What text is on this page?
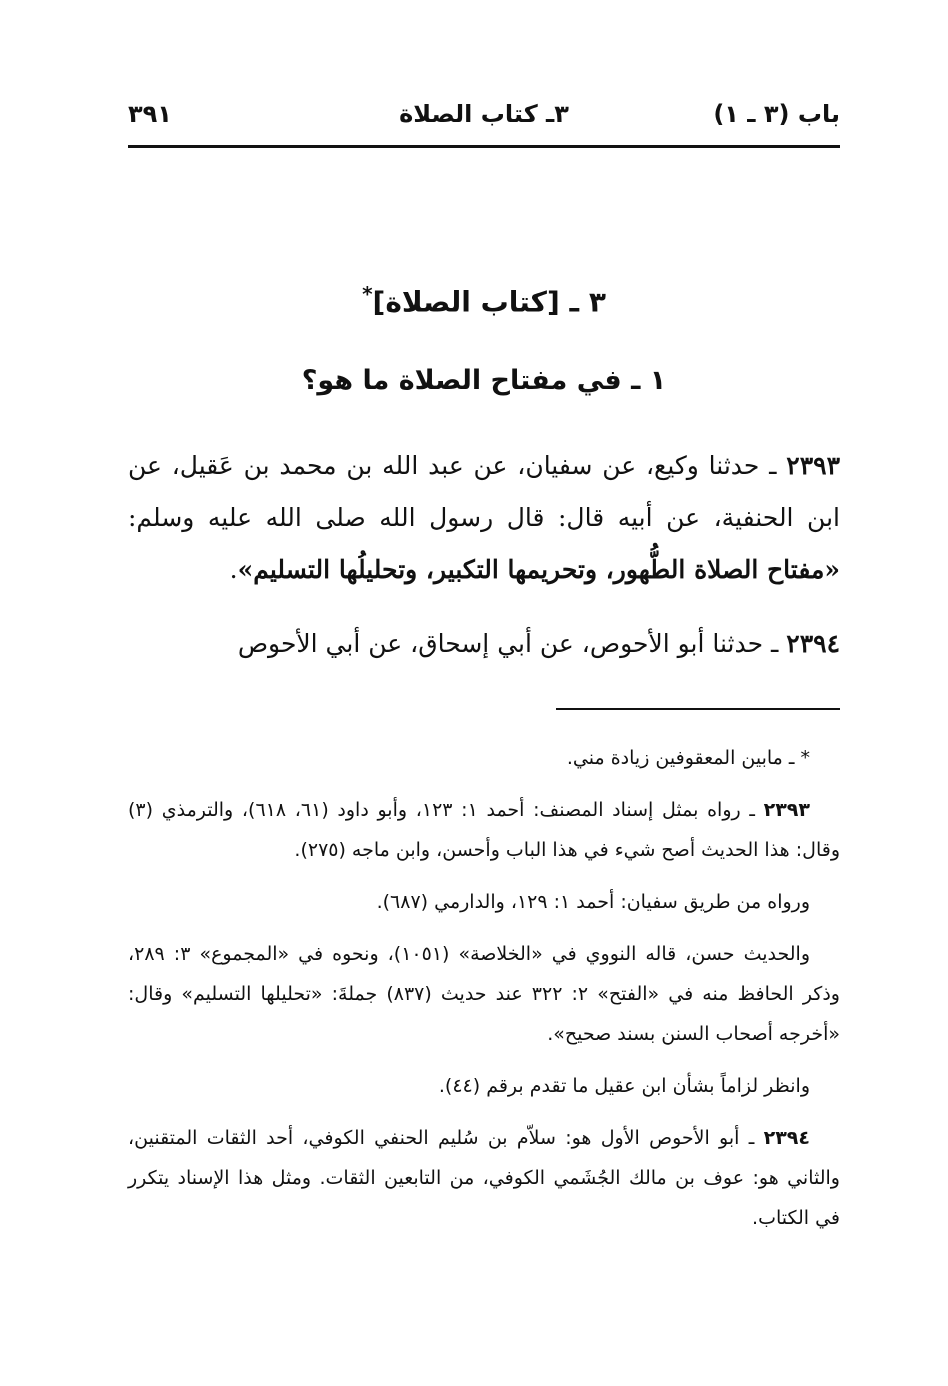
باب (٣ ـ ١)
٣ـ كتاب الصلاة
٣٩١
٣ ـ [كتاب الصلاة]*
١ ـ في مفتاح الصلاة ما هو؟

٢٣٩٣ ـ حدثنا وكيع، عن سفيان، عن عبد الله بن محمد بن عَقيل، عن ابن الحنفية، عن أبيه قال: قال رسول الله صلى الله عليه وسلم: «مفتاح الصلاة الطُّهور، وتحريمها التكبير، وتحليلُها التسليم».

٢٣٩٤ ـ حدثنا أبو الأحوص، عن أبي إسحاق، عن أبي الأحوص

* ـ مابين المعقوفين زيادة مني.

٢٣٩٣ ـ رواه بمثل إسناد المصنف: أحمد ١: ١٢٣، وأبو داود (٦١، ٦١٨)، والترمذي (٣) وقال: هذا الحديث أصح شيء في هذا الباب وأحسن، وابن ماجه (٢٧٥).

ورواه من طريق سفيان: أحمد ١: ١٢٩، والدارمي (٦٨٧).

والحديث حسن، قاله النووي في «الخلاصة» (١٠٥١)، ونحوه في «المجموع» ٣: ٢٨٩، وذكر الحافظ منه في «الفتح» ٢: ٣٢٢ عند حديث (٨٣٧) جملةَ: «تحليلها التسليم» وقال: «أخرجه أصحاب السنن بسند صحيح».

وانظر لزاماً بشأن ابن عقيل ما تقدم برقم (٤٤).

٢٣٩٤ ـ أبو الأحوص الأول هو: سلاّم بن سُليم الحنفي الكوفي، أحد الثقات المتقنين، والثاني هو: عوف بن مالك الجُشَمي الكوفي، من التابعين الثقات. ومثل هذا الإسناد يتكرر في الكتاب.
